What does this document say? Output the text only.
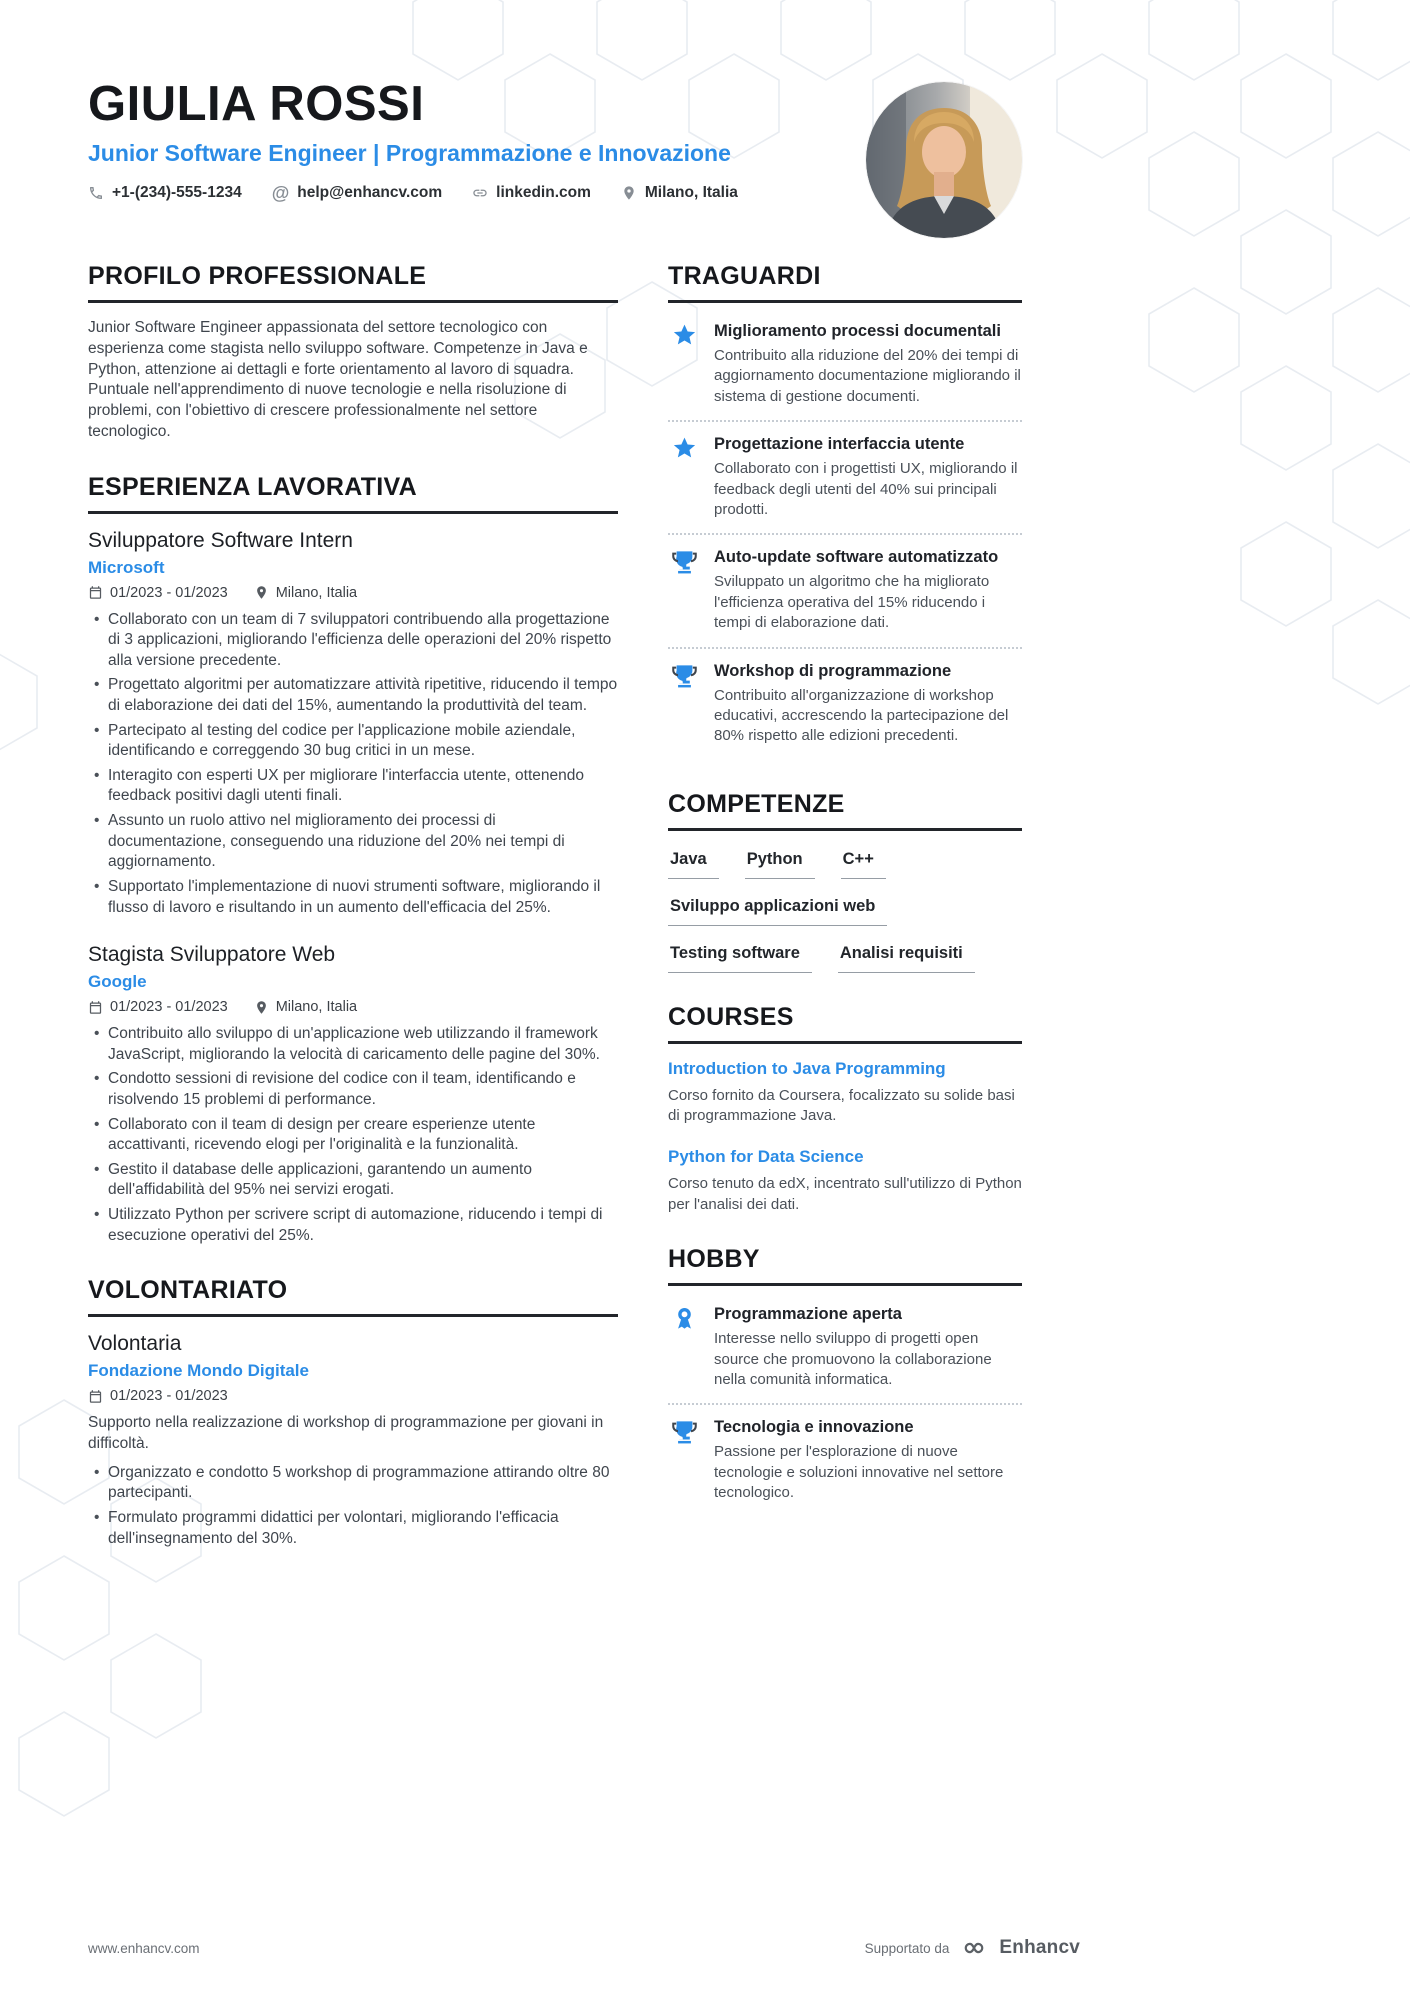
GIULIA ROSSI
Junior Software Engineer | Programmazione e Innovazione
+1-(234)-555-1234 @ help@enhancv.com	linkedin.com	Milano, Italia
PROFILO PROFESSIONALE

Junior Software Engineer appassionata del settore tecnologico con esperienza come stagista nello sviluppo software. Competenze in Java e Python, attenzione ai dettagli e forte orientamento al lavoro di squadra. Puntuale nell'apprendimento di nuove tecnologie e nella risoluzione di problemi, con l'obiettivo di crescere professionalmente nel settore tecnologico.

ESPERIENZA LAVORATIVA
Sviluppatore Software Intern
Microsoft
01/2023 - 01/2023	Milano, Italia
• Collaborato con un team di 7 sviluppatori contribuendo alla progettazione di 3 applicazioni, migliorando l'efficienza delle operazioni del 20% rispetto alla versione precedente.
• Progettato algoritmi per automatizzare attività ripetitive, riducendo il tempo di elaborazione dei dati del 15%, aumentando la produttività del team.
• Partecipato al testing del codice per l'applicazione mobile aziendale, identificando e correggendo 30 bug critici in un mese.
• Interagito con esperti UX per migliorare l'interfaccia utente, ottenendo feedback positivi dagli utenti finali.
• Assunto un ruolo attivo nel miglioramento dei processi di documentazione, conseguendo una riduzione del 20% nei tempi di aggiornamento.
• Supportato l'implementazione di nuovi strumenti software, migliorando il flusso di lavoro e risultando in un aumento dell'efficacia del 25%.
Stagista Sviluppatore Web
Google
01/2023 - 01/2023	Milano, Italia
• Contribuito allo sviluppo di un'applicazione web utilizzando il framework JavaScript, migliorando la velocità di caricamento delle pagine del 30%.
• Condotto sessioni di revisione del codice con il team, identificando e risolvendo 15 problemi di performance.
• Collaborato con il team di design per creare esperienze utente accattivanti, ricevendo elogi per l'originalità e la funzionalità.
• Gestito il database delle applicazioni, garantendo un aumento dell'affidabilità del 95% nei servizi erogati.
• Utilizzato Python per scrivere script di automazione, riducendo i tempi di esecuzione operativi del 25%.
VOLONTARIATO
Volontaria
Fondazione Mondo Digitale
01/2023 - 01/2023

Supporto nella realizzazione di workshop di programmazione per giovani in difficoltà.

• Organizzato e condotto 5 workshop di programmazione attirando oltre 80 partecipanti.
• Formulato programmi didattici per volontari, migliorando l'efficacia dell'insegnamento del 30%.
TRAGUARDI
Miglioramento processi documentali
Contribuito alla riduzione del 20% dei tempi di aggiornamento documentazione migliorando il sistema di gestione documenti.
Progettazione interfaccia utente
Collaborato con i progettisti UX, migliorando il feedback degli utenti del 40% sui principali prodotti.
Auto-update software automatizzato
Sviluppato un algoritmo che ha migliorato l'efficienza operativa del 15% riducendo i tempi di elaborazione dati.
Workshop di programmazione
Contribuito all'organizzazione di workshop educativi, accrescendo la partecipazione del 80% rispetto alle edizioni precedenti.
COMPETENZE
Java	Python	C++
Sviluppo applicazioni web
Testing software	Analisi requisiti
COURSES
Introduction to Java Programming
Corso fornito da Coursera, focalizzato su solide basi di programmazione Java.
Python for Data Science
Corso tenuto da edX, incentrato sull'utilizzo di Python per l'analisi dei dati.
HOBBY
Programmazione aperta
Interesse nello sviluppo di progetti open source che promuovono la collaborazione nella comunità informatica.
Tecnologia e innovazione
Passione per l'esplorazione di nuove tecnologie e soluzioni innovative nel settore tecnologico.
www.enhancv.com	Supportato da	Enhancv
